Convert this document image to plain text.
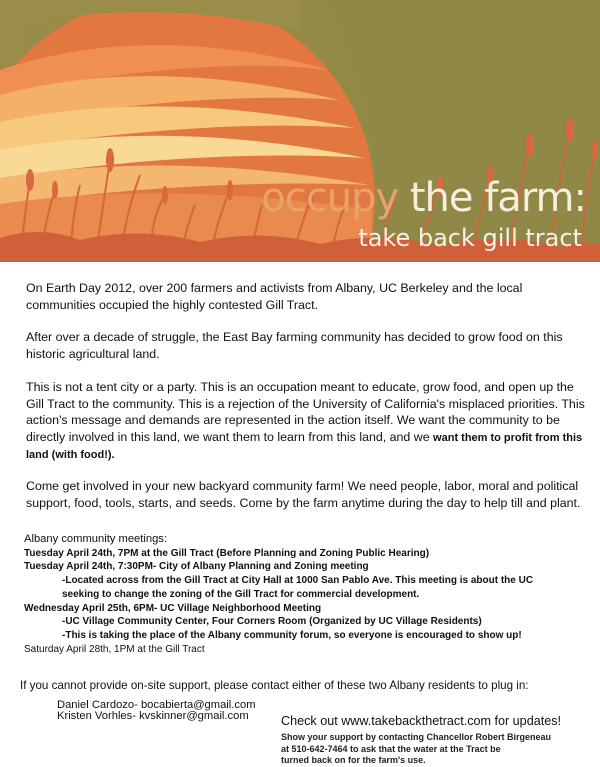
occupy the farm:
take back gill tract

On Earth Day 2012, over 200 farmers and activists from Albany, UC Berkeley and the local communities occupied the highly contested Gill Tract.

After over a decade of struggle, the East Bay farming community has decided to grow food on this historic agricultural land.

This is not a tent city or a party. This is an occupation meant to educate, grow food, and open up the Gill Tract to the community. This is a rejection of the University of California's misplaced priorities. This action's message and demands are represented in the action itself. We want the community to be directly involved in this land, we want them to learn from this land, and we want them to profit from this land (with food!).

Come get involved in your new backyard community farm! We need people, labor, moral and political support, food, tools, starts, and seeds. Come by the farm anytime during the day to help till and plant.

Albany community meetings:
Tuesday April 24th, 7PM at the Gill Tract (Before Planning and Zoning Public Hearing)
Tuesday April 24th, 7:30PM- City of Albany Planning and Zoning meeting
-Located across from the Gill Tract at City Hall at 1000 San Pablo Ave. This meeting is about the UC
seeking to change the zoning of the Gill Tract for commercial development.
Wednesday April 25th, 6PM- UC Village Neighborhood Meeting
-UC Village Community Center, Four Corners Room (Organized by UC Village Residents)
-This is taking the place of the Albany community forum, so everyone is encouraged to show up!
Saturday April 28th, 1PM at the Gill Tract
If you cannot provide on-site support, please contact either of these two Albany residents to plug in:
Daniel Cardozo- bocabierta@gmail.com
Kristen Vorhles- kvskinner@gmail.com	Check out www.takebackthetract.com for updates!
Show your support by contacting Chancellor Robert Birgeneau
at 510-642-7464 to ask that the water at the Tract be
turned back on for the farm's use.
